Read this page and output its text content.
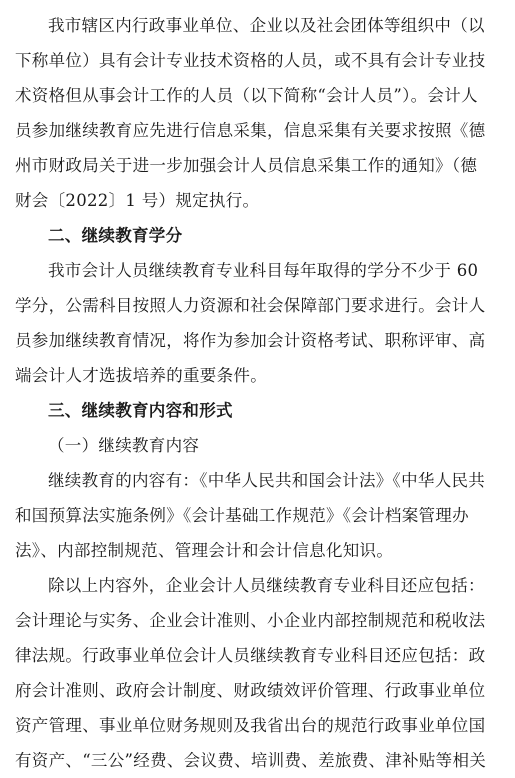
我市辖区内行政事业单位、企业以及社会团体等组织中（以
下称单位）具有会计专业技术资格的人员，或不具有会计专业技
术资格但从事会计工作的人员（以下简称“会计人员”）。会计人
员参加继续教育应先进行信息采集，信息采集有关要求按照《德
州市财政局关于进一步加强会计人员信息采集工作的通知》（德
财会〔2022〕1 号）规定执行。
二、继续教育学分
我市会计人员继续教育专业科目每年取得的学分不少于 60
学分，公需科目按照人力资源和社会保障部门要求进行。会计人
员参加继续教育情况，将作为参加会计资格考试、职称评审、高
端会计人才选拔培养的重要条件。
三、继续教育内容和形式
（一）继续教育内容
继续教育的内容有：《中华人民共和国会计法》《中华人民共
和国预算法实施条例》《会计基础工作规范》《会计档案管理办
法》、内部控制规范、管理会计和会计信息化知识。
除以上内容外，企业会计人员继续教育专业科目还应包括：
会计理论与实务、企业会计准则、小企业内部控制规范和税收法
律法规。行政事业单位会计人员继续教育专业科目还应包括：政
府会计准则、政府会计制度、财政绩效评价管理、行政事业单位
资产管理、事业单位财务规则及我省出台的规范行政事业单位国
有资产、“三公”经费、会议费、培训费、差旅费、津补贴等相关
